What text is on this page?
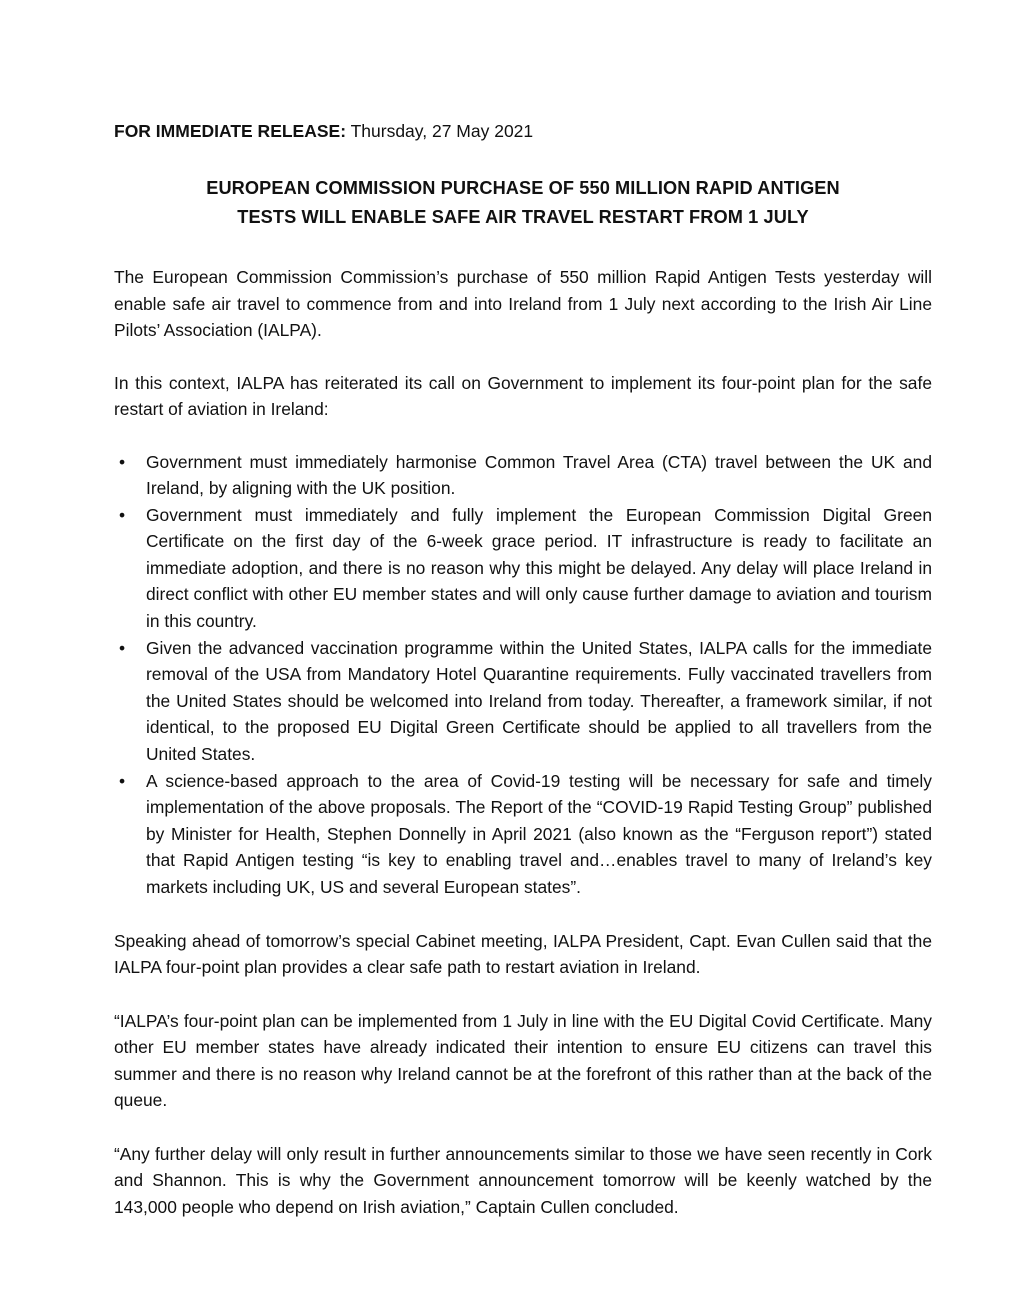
FOR IMMEDIATE RELEASE: Thursday, 27 May 2021

EUROPEAN COMMISSION PURCHASE OF 550 MILLION RAPID ANTIGEN
TESTS WILL ENABLE SAFE AIR TRAVEL RESTART FROM 1 JULY

The European Commission Commission’s purchase of 550 million Rapid Antigen Tests yesterday will enable safe air travel to commence from and into Ireland from 1 July next according to the Irish Air Line Pilots’ Association (IALPA).

In this context, IALPA has reiterated its call on Government to implement its four-point plan for the safe restart of aviation in Ireland:

• Government must immediately harmonise Common Travel Area (CTA) travel between the UK and Ireland, by aligning with the UK position.
• Government must immediately and fully implement the European Commission Digital Green Certificate on the first day of the 6-week grace period. IT infrastructure is ready to facilitate an immediate adoption, and there is no reason why this might be delayed. Any delay will place Ireland in direct conflict with other EU member states and will only cause further damage to aviation and tourism in this country.
• Given the advanced vaccination programme within the United States, IALPA calls for the immediate removal of the USA from Mandatory Hotel Quarantine requirements. Fully vaccinated travellers from the United States should be welcomed into Ireland from today. Thereafter, a framework similar, if not identical, to the proposed EU Digital Green Certificate should be applied to all travellers from the United States.
• A science-based approach to the area of Covid-19 testing will be necessary for safe and timely implementation of the above proposals. The Report of the “COVID-19 Rapid Testing Group” published by Minister for Health, Stephen Donnelly in April 2021 (also known as the “Ferguson report”) stated that Rapid Antigen testing “is key to enabling travel and…enables travel to many of Ireland’s key markets including UK, US and several European states”.

Speaking ahead of tomorrow’s special Cabinet meeting, IALPA President, Capt. Evan Cullen said that the IALPA four-point plan provides a clear safe path to restart aviation in Ireland.

“IALPA’s four-point plan can be implemented from 1 July in line with the EU Digital Covid Certificate. Many other EU member states have already indicated their intention to ensure EU citizens can travel this summer and there is no reason why Ireland cannot be at the forefront of this rather than at the back of the queue.

“Any further delay will only result in further announcements similar to those we have seen recently in Cork and Shannon. This is why the Government announcement tomorrow will be keenly watched by the 143,000 people who depend on Irish aviation,” Captain Cullen concluded.
